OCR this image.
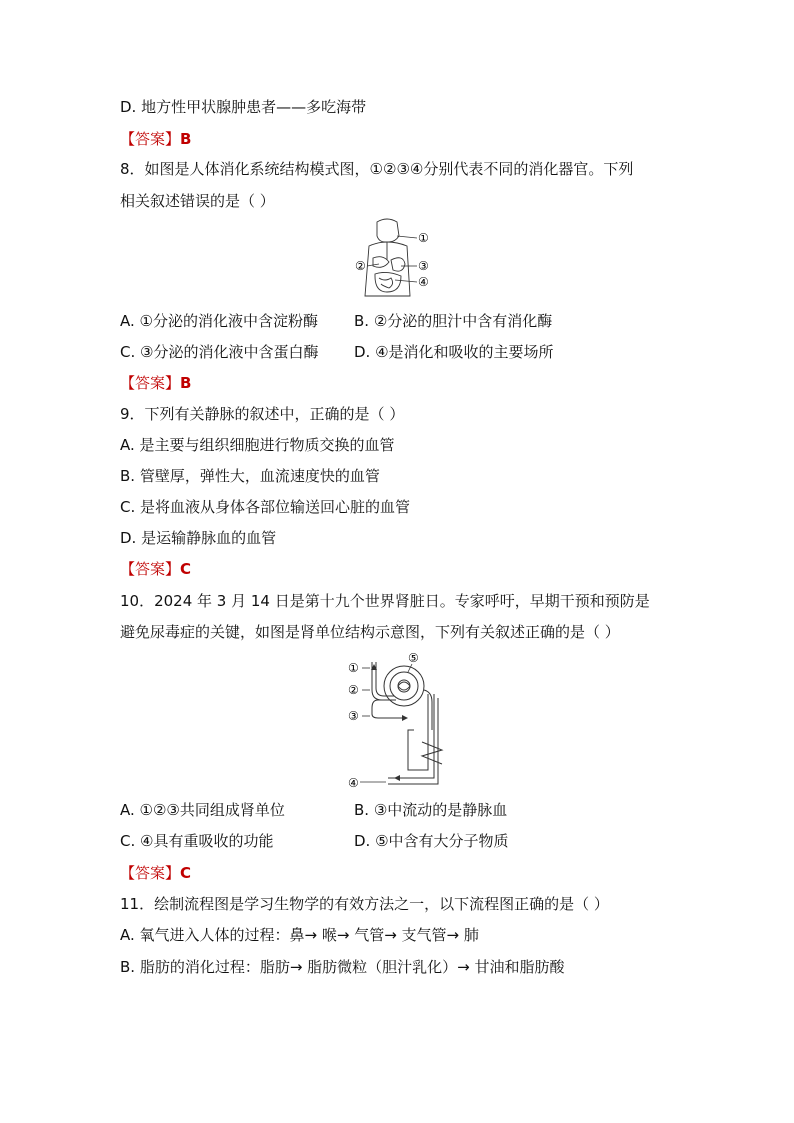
D. 地方性甲状腺肿患者——多吃海带
【答案】B
8．如图是人体消化系统结构模式图，①②③④分别代表不同的消化器官。下列
相关叙述错误的是（ ）
①
②	③
④
A. ①分泌的消化液中含淀粉酶 B. ②分泌的胆汁中含有消化酶
C. ③分泌的消化液中含蛋白酶 D. ④是消化和吸收的主要场所
【答案】B
9．下列有关静脉的叙述中，正确的是（ ）
A. 是主要与组织细胞进行物质交换的血管
B. 管壁厚，弹性大，血流速度快的血管
C. 是将血液从身体各部位输送回心脏的血管
D. 是运输静脉血的血管
【答案】C
10．2024 年 3 月 14 日是第十九个世界肾脏日。专家呼吁，早期干预和预防是
避免尿毒症的关键，如图是肾单位结构示意图，下列有关叙述正确的是（ ）
①
②
③
④
⑤
A. ①②③共同组成肾单位	B. ③中流动的是静脉血
C. ④具有重吸收的功能	D. ⑤中含有大分子物质
【答案】C
11．绘制流程图是学习生物学的有效方法之一，以下流程图正确的是（ ）
A. 氧气进入人体的过程：鼻→ 喉→ 气管→ 支气管→ 肺
B. 脂肪的消化过程：脂肪→ 脂肪微粒（胆汁乳化）→ 甘油和脂肪酸
